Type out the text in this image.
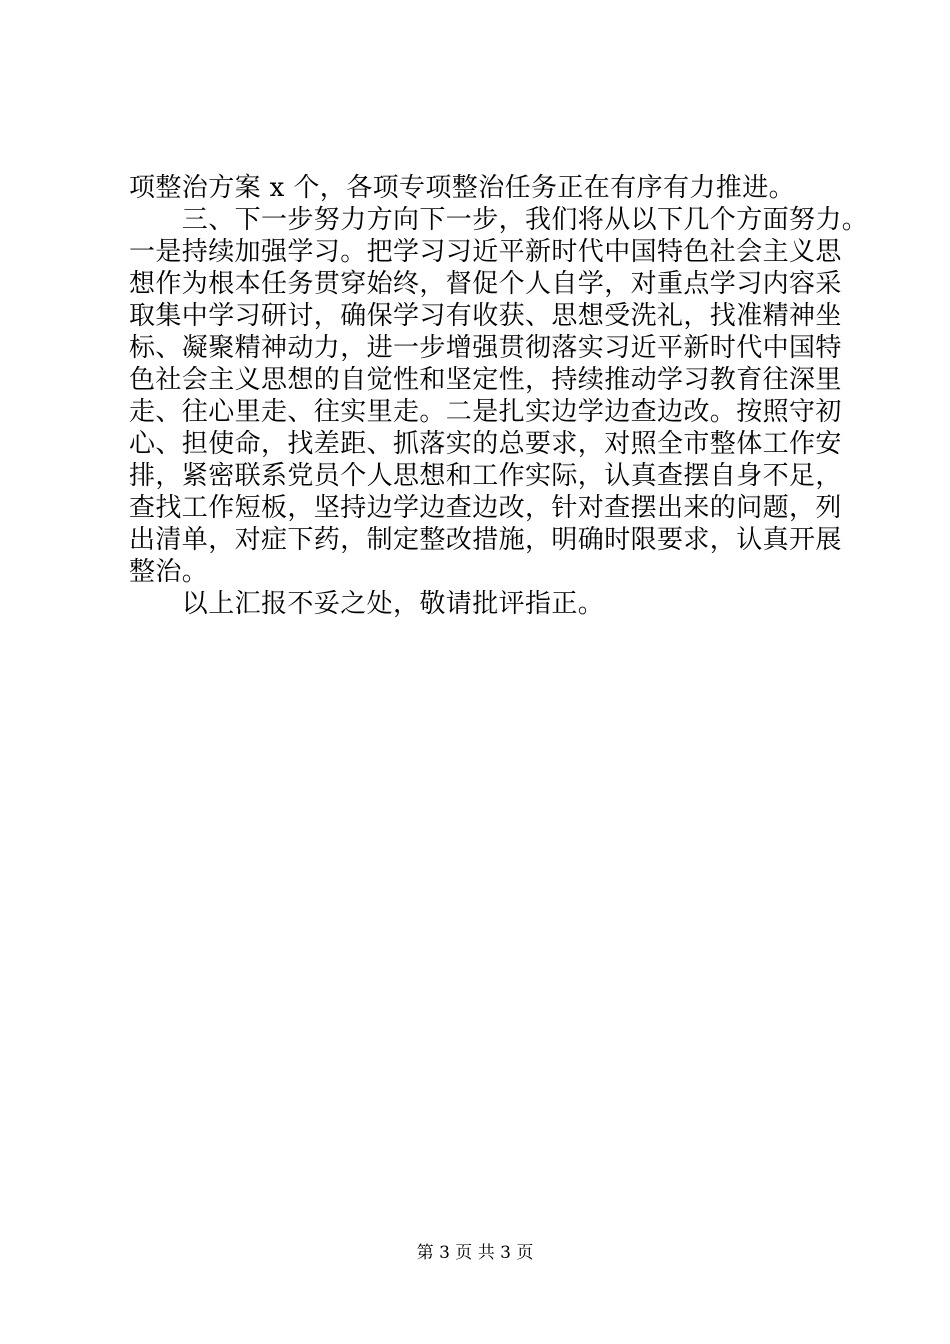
项整治方案 x 个，各项专项整治任务正在有序有力推进。

　　三、下一步努力方向下一步，我们将从以下几个方面努力。

一是持续加强学习。把学习习近平新时代中国特色社会主义思

想作为根本任务贯穿始终，督促个人自学，对重点学习内容采

取集中学习研讨，确保学习有收获、思想受洗礼，找准精神坐

标、凝聚精神动力，进一步增强贯彻落实习近平新时代中国特

色社会主义思想的自觉性和坚定性，持续推动学习教育往深里

走、往心里走、往实里走。二是扎实边学边查边改。按照守初

心、担使命，找差距、抓落实的总要求，对照全市整体工作安

排，紧密联系党员个人思想和工作实际，认真查摆自身不足，

查找工作短板，坚持边学边查边改，针对查摆出来的问题，列

出清单，对症下药，制定整改措施，明确时限要求，认真开展

整治。

　　以上汇报不妥之处，敬请批评指正。

第 3 页 共 3 页
